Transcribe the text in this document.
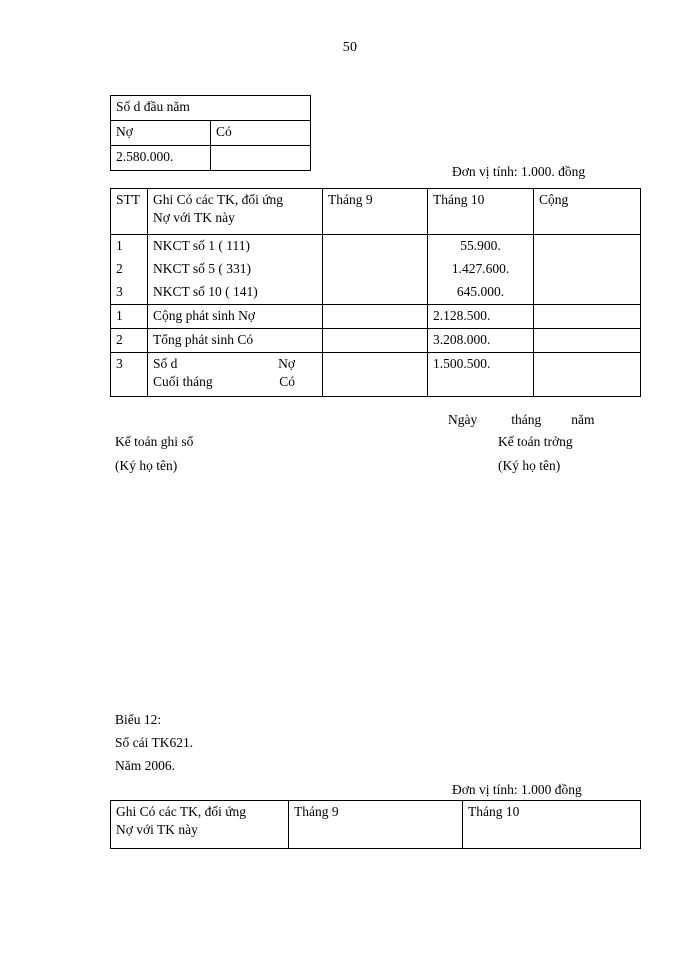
50
Số d đầu năm	
Nợ	Có
2.580.000.	
Đơn vị tính: 1.000. đồng
STT	Ghi Có các TK, đối ứng
Nợ với TK này	Tháng 9	Tháng 10	Cộng
1	NKCT số 1 ( 111)		55.900.	
2	NKCT số 5 ( 331)		1.427.600.	
3	NKCT số 10 ( 141)		645.000.	
1	Cộng phát sinh Nợ		2.128.500.	
2	Tổng phát sinh Có		3.208.000.	
3	Số d Nợ
Cuối tháng Có		1.500.500.	
Ngày	tháng năm
Kế toán ghi sổ
(Ký họ tên)
Kế toán trởng
(Ký họ tên)
Biểu 12:
Sổ cái TK621.
Năm 2006.
Đơn vị tính: 1.000 đồng
Ghi Có các TK, đối ứng
Nợ với TK này	Tháng 9	Tháng 10
